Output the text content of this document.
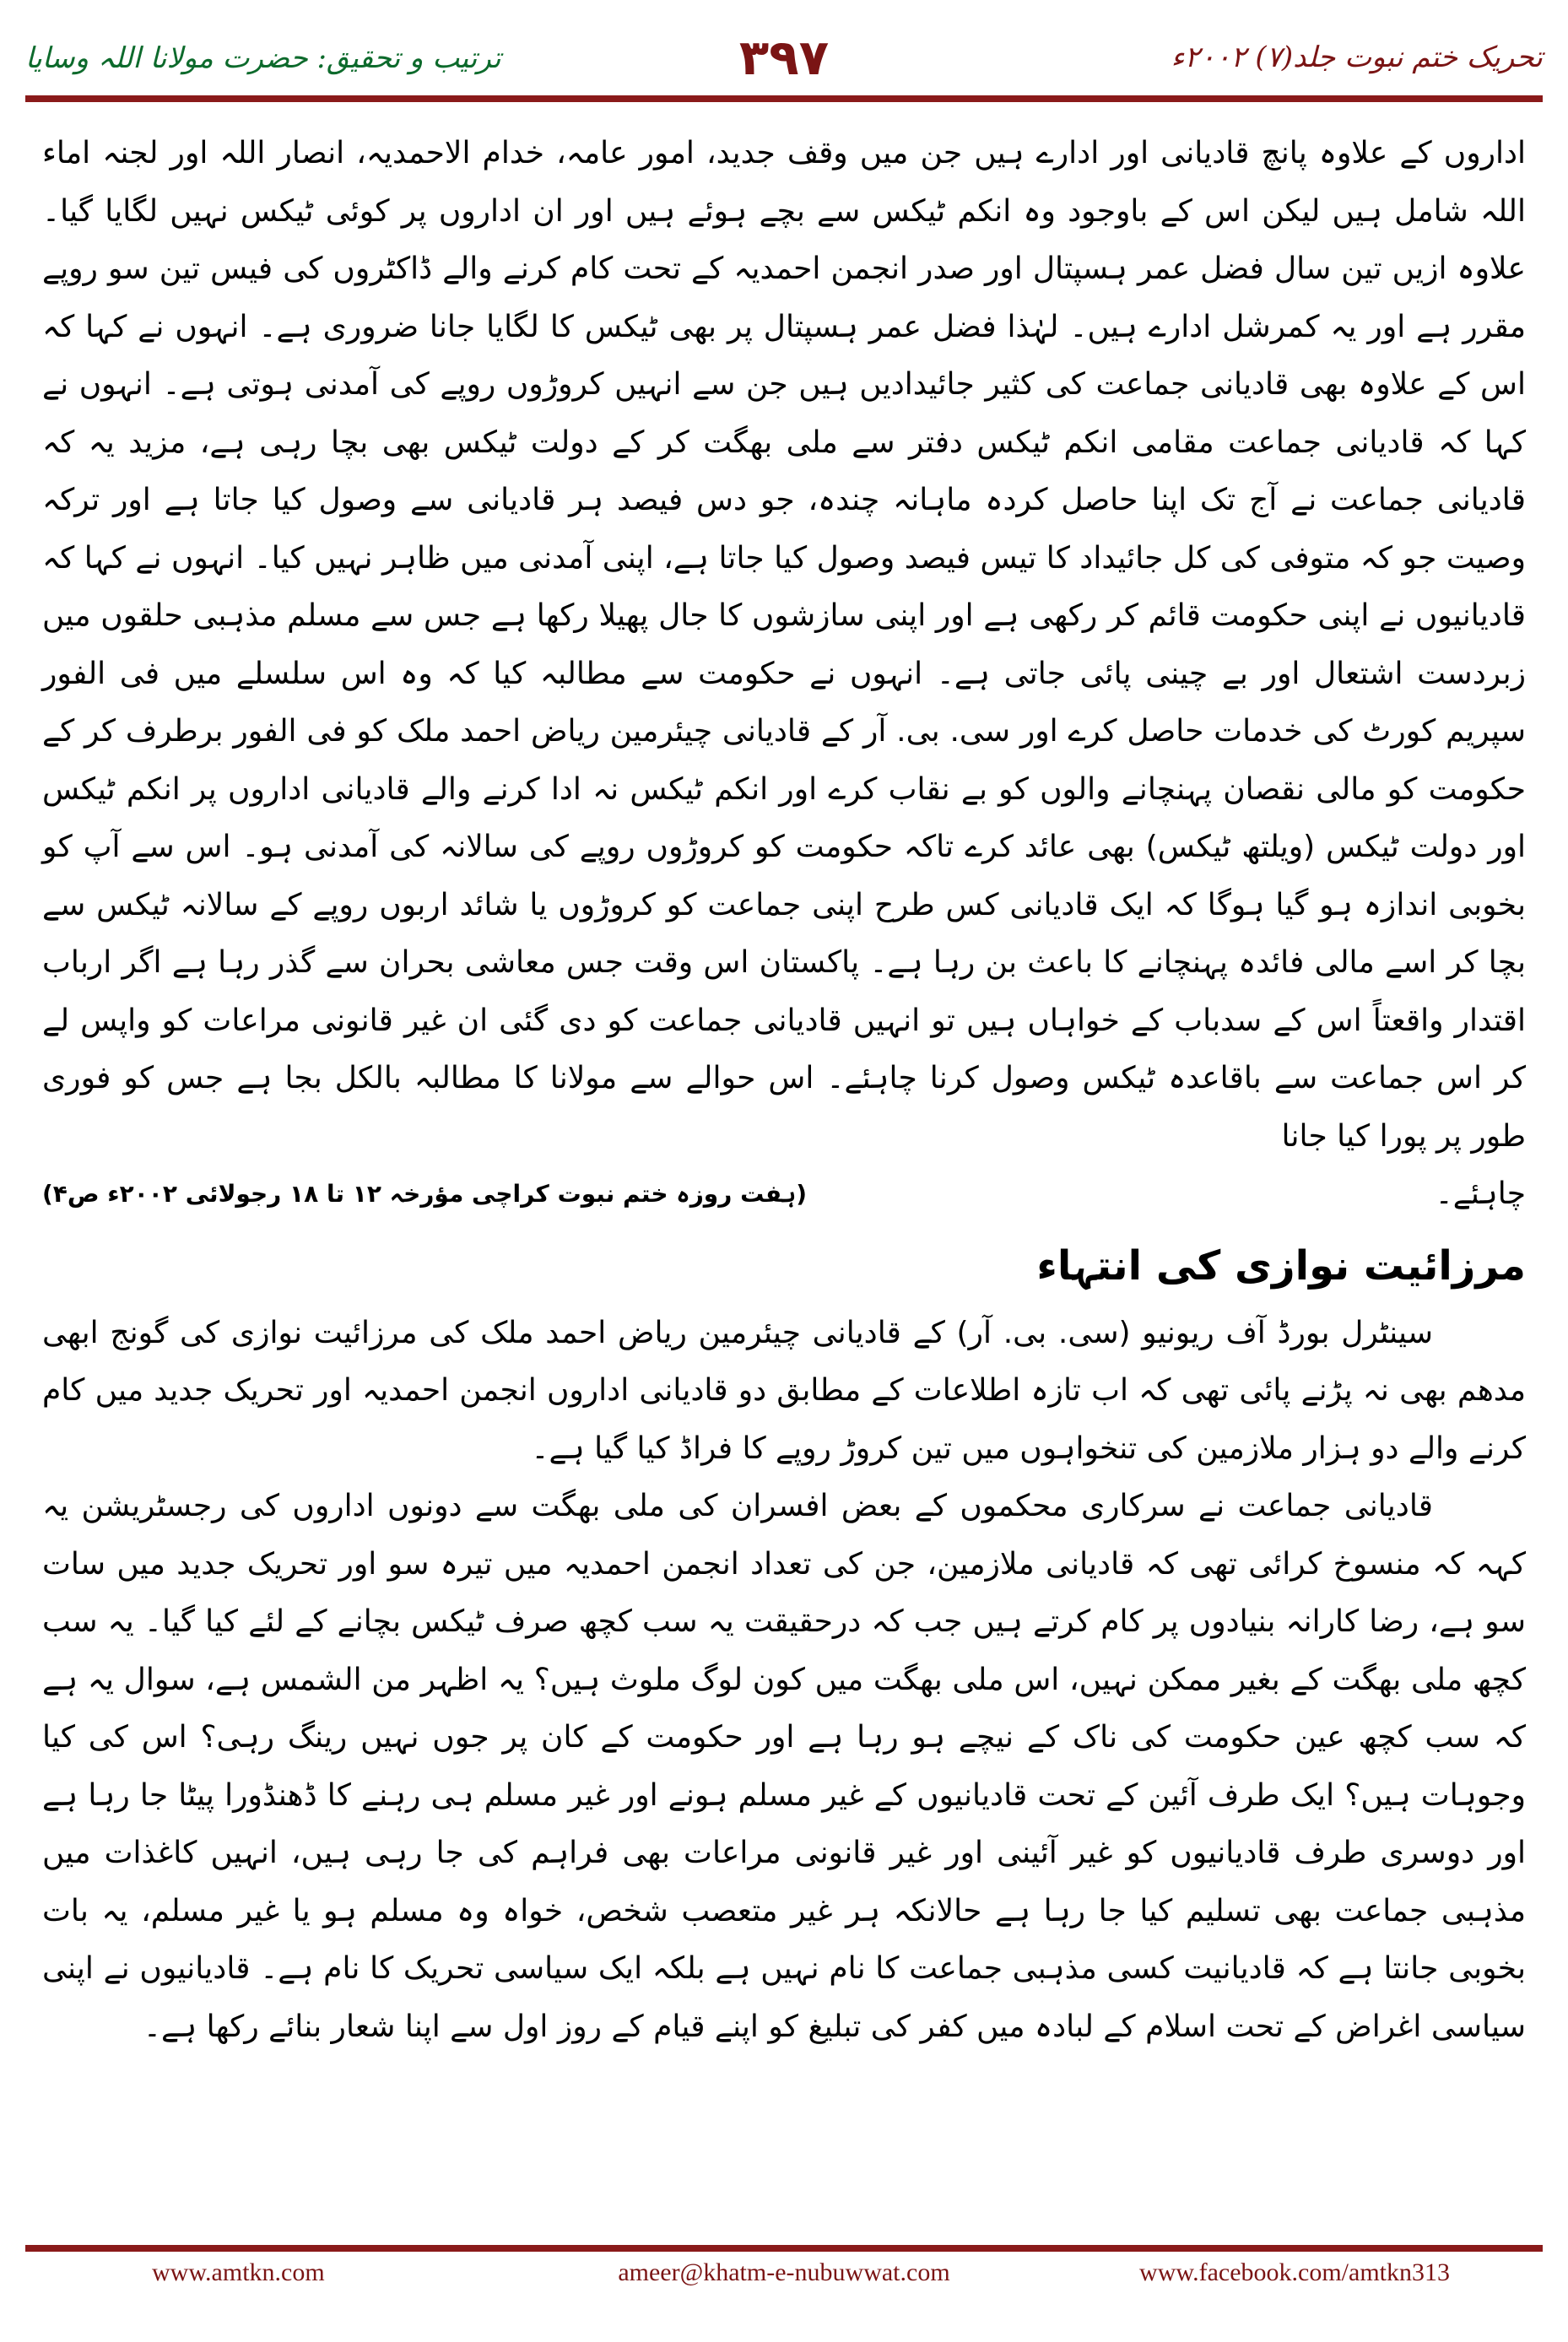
ترتیب و تحقیق: حضرت مولانا اللہ وسایا	۳۹۷	تحریک ختم نبوت جلد(۷) ۲۰۰۲ء

اداروں کے علاوہ پانچ قادیانی اور ادارے ہیں جن میں وقف جدید، امور عامہ، خدام الاحمدیہ، انصار اللہ اور لجنہ اماء اللہ شامل ہیں لیکن اس کے باوجود وہ انکم ٹیکس سے بچے ہوئے ہیں اور ان اداروں پر کوئی ٹیکس نہیں لگایا گیا۔ علاوہ ازیں تین سال فضل عمر ہسپتال اور صدر انجمن احمدیہ کے تحت کام کرنے والے ڈاکٹروں کی فیس تین سو روپے مقرر ہے اور یہ کمرشل ادارے ہیں۔ لہٰذا فضل عمر ہسپتال پر بھی ٹیکس کا لگایا جانا ضروری ہے۔ انہوں نے کہا کہ اس کے علاوہ بھی قادیانی جماعت کی کثیر جائیدادیں ہیں جن سے انہیں کروڑوں روپے کی آمدنی ہوتی ہے۔ انہوں نے کہا کہ قادیانی جماعت مقامی انکم ٹیکس دفتر سے ملی بھگت کر کے دولت ٹیکس بھی بچا رہی ہے، مزید یہ کہ قادیانی جماعت نے آج تک اپنا حاصل کردہ ماہانہ چندہ، جو دس فیصد ہر قادیانی سے وصول کیا جاتا ہے اور ترکہ وصیت جو کہ متوفی کی کل جائیداد کا تیس فیصد وصول کیا جاتا ہے، اپنی آمدنی میں ظاہر نہیں کیا۔ انہوں نے کہا کہ قادیانیوں نے اپنی حکومت قائم کر رکھی ہے اور اپنی سازشوں کا جال پھیلا رکھا ہے جس سے مسلم مذہبی حلقوں میں زبردست اشتعال اور بے چینی پائی جاتی ہے۔ انہوں نے حکومت سے مطالبہ کیا کہ وہ اس سلسلے میں فی الفور سپریم کورٹ کی خدمات حاصل کرے اور سی. بی. آر کے قادیانی چیئرمین ریاض احمد ملک کو فی الفور برطرف کر کے حکومت کو مالی نقصان پہنچانے والوں کو بے نقاب کرے اور انکم ٹیکس نہ ادا کرنے والے قادیانی اداروں پر انکم ٹیکس اور دولت ٹیکس (ویلتھ ٹیکس) بھی عائد کرے تاکہ حکومت کو کروڑوں روپے کی سالانہ کی آمدنی ہو۔ اس سے آپ کو بخوبی اندازہ ہو گیا ہوگا کہ ایک قادیانی کس طرح اپنی جماعت کو کروڑوں یا شائد اربوں روپے کے سالانہ ٹیکس سے بچا کر اسے مالی فائدہ پہنچانے کا باعث بن رہا ہے۔ پاکستان اس وقت جس معاشی بحران سے گذر رہا ہے اگر ارباب اقتدار واقعتاً اس کے سدباب کے خواہاں ہیں تو انہیں قادیانی جماعت کو دی گئی ان غیر قانونی مراعات کو واپس لے کر اس جماعت سے باقاعدہ ٹیکس وصول کرنا چاہئے۔ اس حوالے سے مولانا کا مطالبہ بالکل بجا ہے جس کو فوری طور پر پورا کیا جانا

چاہئے۔
(ہفت روزہ ختم نبوت کراچی مؤرخہ ۱۲ تا ۱۸ رجولائی ۲۰۰۲ء ص۴)
مرزائیت نوازی کی انتہاء

سینٹرل بورڈ آف ریونیو (سی. بی. آر) کے قادیانی چیئرمین ریاض احمد ملک کی مرزائیت نوازی کی گونج ابھی مدھم بھی نہ پڑنے پائی تھی کہ اب تازہ اطلاعات کے مطابق دو قادیانی اداروں انجمن احمدیہ اور تحریک جدید میں کام کرنے والے دو ہزار ملازمین کی تنخواہوں میں تین کروڑ روپے کا فراڈ کیا گیا ہے۔

قادیانی جماعت نے سرکاری محکموں کے بعض افسران کی ملی بھگت سے دونوں اداروں کی رجسٹریشن یہ کہہ کہ منسوخ کرائی تھی کہ قادیانی ملازمین، جن کی تعداد انجمن احمدیہ میں تیرہ سو اور تحریک جدید میں سات سو ہے، رضا کارانہ بنیادوں پر کام کرتے ہیں جب کہ درحقیقت یہ سب کچھ صرف ٹیکس بچانے کے لئے کیا گیا۔ یہ سب کچھ ملی بھگت کے بغیر ممکن نہیں، اس ملی بھگت میں کون لوگ ملوث ہیں؟ یہ اظہر من الشمس ہے، سوال یہ ہے کہ سب کچھ عین حکومت کی ناک کے نیچے ہو رہا ہے اور حکومت کے کان پر جوں نہیں رینگ رہی؟ اس کی کیا وجوہات ہیں؟ ایک طرف آئین کے تحت قادیانیوں کے غیر مسلم ہونے اور غیر مسلم ہی رہنے کا ڈھنڈورا پیٹا جا رہا ہے اور دوسری طرف قادیانیوں کو غیر آئینی اور غیر قانونی مراعات بھی فراہم کی جا رہی ہیں، انہیں کاغذات میں مذہبی جماعت بھی تسلیم کیا جا رہا ہے حالانکہ ہر غیر متعصب شخص، خواہ وہ مسلم ہو یا غیر مسلم، یہ بات بخوبی جانتا ہے کہ قادیانیت کسی مذہبی جماعت کا نام نہیں ہے بلکہ ایک سیاسی تحریک کا نام ہے۔ قادیانیوں نے اپنی سیاسی اغراض کے تحت اسلام کے لبادہ میں کفر کی تبلیغ کو اپنے قیام کے روز اول سے اپنا شعار بنائے رکھا ہے۔

www.amtkn.com	ameer@khatm-e-nubuwwat.com	www.facebook.com/amtkn313
